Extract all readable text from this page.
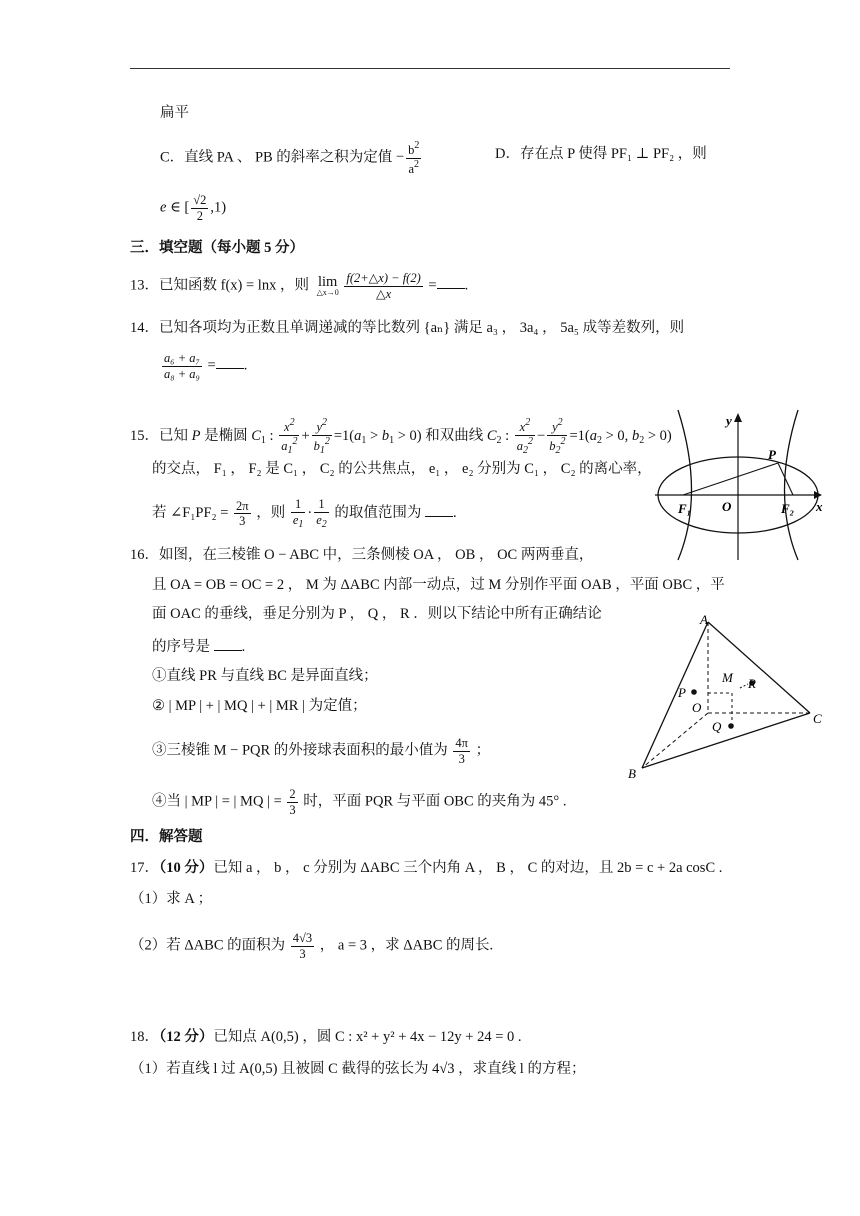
扁平
C．直线 PA 、 PB 的斜率之积为定值 − $\frac{b^2}{a^2}$	D．存在点 P 使得 PF₁ ⊥ PF₂ ，则
e ∈ [ $\frac{√2}{2} ,1$)
三．填空题（每小题 5 分）
13．已知函数 f(x) = lnx ，则 lim
△x→0
$\frac{f(2+\triangle x) - f(2)}{\triangle x}$ = .
14．已知各项均为正数且单调递减的等比数列 {aₙ} 满足 a₃ ， 3a₄ ， 5a₅ 成等差数列，则
$\frac{\text{a₆ + a₇}}{\text{a₈ + a₉}}$ = .
15．已知 P 是椭圆 $C_1$ : $\frac{x^2}{a_1^2} + \frac{y^2}{b_1^2} =1(a_1 > b_1 > 0)$ 和双曲线 $C_2$ : $\frac{x^2}{a_2^2} - \frac{y^2}{b_2^2} =1(a_2 > 0$, $b_2 > 0$)
的交点， F₁ ， F₂ 是 C₁ ， C₂ 的公共焦点， e₁ ， e₂ 分别为 C₁ ， C₂ 的离心率，
若 ∠F₁PF₂ = $\frac{2\pi}{3}$ ，则 $\frac{1}{e_1} \cdot \frac{1}{e_2}$ 的取值范围为 .
y
P
F₁ O	F₂ x
16．如图，在三棱锥 O − ABC 中，三条侧棱 OA ， OB ， OC 两两垂直，
且 OA = OB = OC = 2 ， M 为 ΔABC 内部一动点，过 M 分别作平面 OAB ，平面 OBC ，平
面 OAC 的垂线，垂足分别为 P ， Q ， R ．则以下结论中所有正确结论
的序号是 .
①直线 PR 与直线 BC 是异面直线；
② | MP | + | MQ | + | MR | 为定值；
③三棱锥 M − PQR 的外接球表面积的最小值为 $\frac{4\pi}{3}$ ；
④当 | MP | = | MQ | = $\frac{2}{3}$ 时，平面 PQR 与平面 OBC 的夹角为 45° .
A
M R
P
O
C
Q
B
四．解答题
17．（10 分）已知 a ， b ， c 分别为 ΔABC 三个内角 A ， B ， C 的对边，且 2b = c + 2a cosC .
（1）求 A ；
（2）若 ΔABC 的面积为 $\frac{4√3}{3}$ ， a = 3 ，求 ΔABC 的周长.
18．（12 分）已知点 A(0,5) ，圆 C : x² + y² + 4x − 12y + 24 = 0 .
（1）若直线 l 过 A(0,5) 且被圆 C 截得的弦长为 4√3 ，求直线 l 的方程；
